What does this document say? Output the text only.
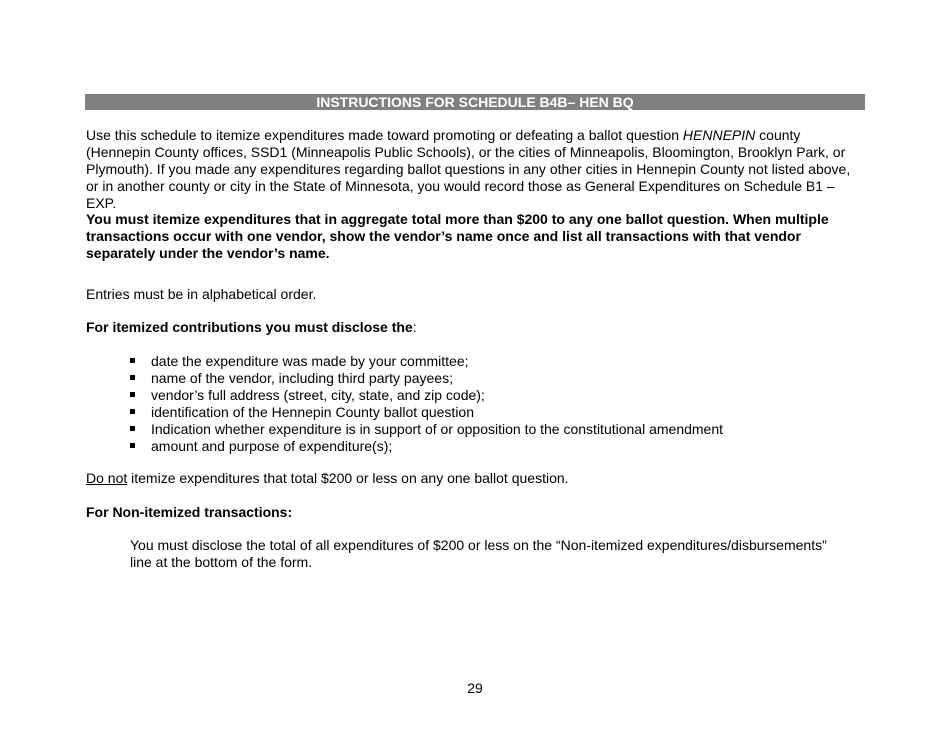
INSTRUCTIONS FOR SCHEDULE B4B– HEN BQ
Use this schedule to itemize expenditures made toward promoting or defeating a ballot question HENNEPIN county (Hennepin County offices, SSD1 (Minneapolis Public Schools), or the cities of Minneapolis, Bloomington, Brooklyn Park, or Plymouth). If you made any expenditures regarding ballot questions in any other cities in Hennepin County not listed above, or in another county or city in the State of Minnesota, you would record those as General Expenditures on Schedule B1 – EXP.
You must itemize expenditures that in aggregate total more than $200 to any one ballot question. When multiple transactions occur with one vendor, show the vendor’s name once and list all transactions with that vendor separately under the vendor’s name.
Entries must be in alphabetical order.
For itemized contributions you must disclose the:
date the expenditure was made by your committee;
name of the vendor, including third party payees;
vendor’s full address (street, city, state, and zip code);
identification of the Hennepin County ballot question
Indication whether expenditure is in support of or opposition to the constitutional amendment
amount and purpose of expenditure(s);
Do not itemize expenditures that total $200 or less on any one ballot question.
For Non-itemized transactions:
You must disclose the total of all expenditures of $200 or less on the “Non-itemized expenditures/disbursements” line at the bottom of the form.
29
